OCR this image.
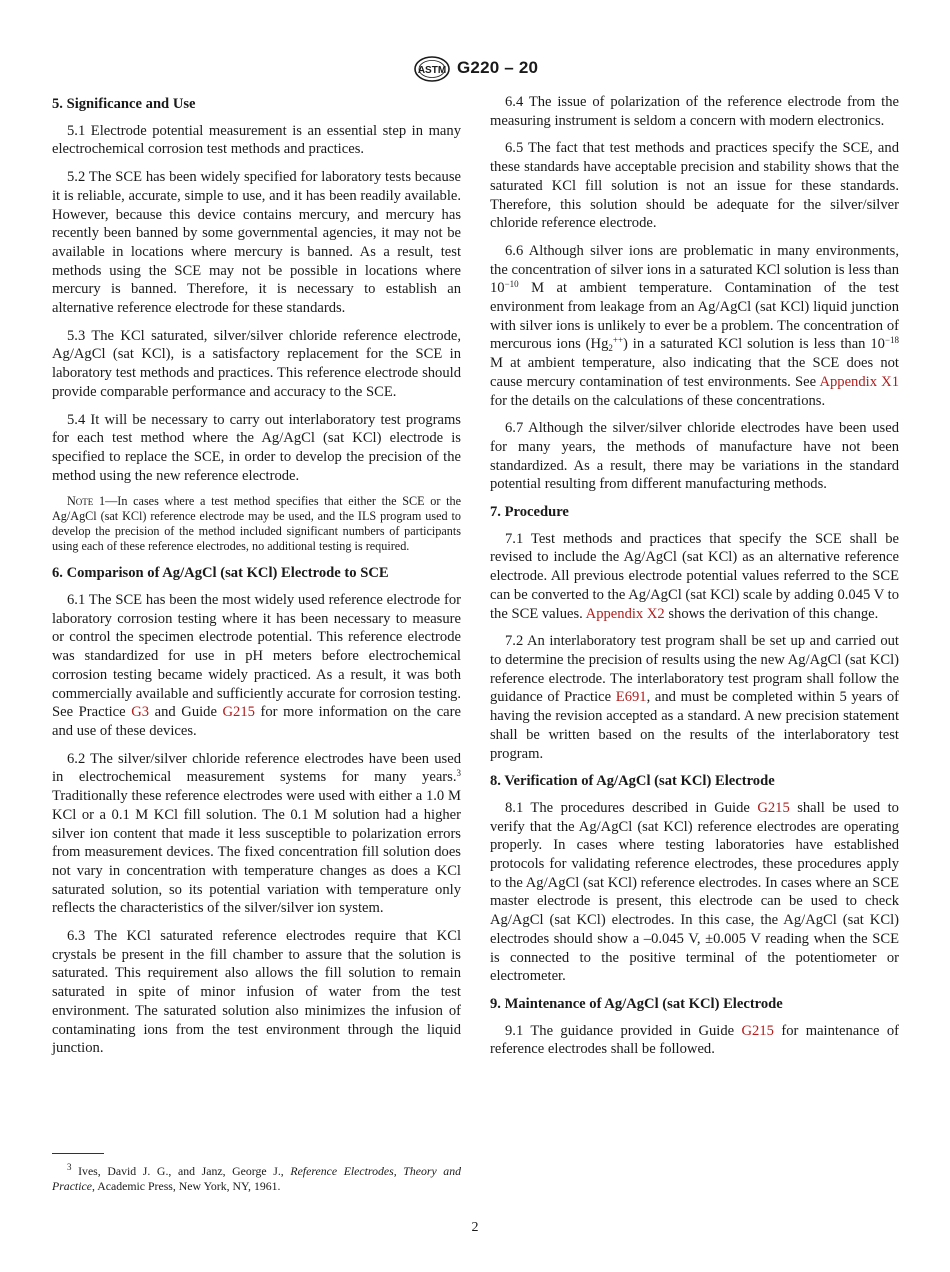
ASTM G220 – 20
5. Significance and Use

5.1 Electrode potential measurement is an essential step in many electrochemical corrosion test methods and practices.

5.2 The SCE has been widely specified for laboratory tests because it is reliable, accurate, simple to use, and it has been readily available. However, because this device contains mercury, and mercury has recently been banned by some governmental agencies, it may not be available in locations where mercury is banned. As a result, test methods using the SCE may not be possible in locations where mercury is banned. Therefore, it is necessary to establish an alternative reference electrode for these standards.

5.3 The KCl saturated, silver/silver chloride reference electrode, Ag/AgCl (sat KCl), is a satisfactory replacement for the SCE in laboratory test methods and practices. This reference electrode should provide comparable performance and accuracy to the SCE.

5.4 It will be necessary to carry out interlaboratory test programs for each test method where the Ag/AgCl (sat KCl) electrode is specified to replace the SCE, in order to develop the precision of the method using the new reference electrode.

Note 1—In cases where a test method specifies that either the SCE or the Ag/AgCl (sat KCl) reference electrode may be used, and the ILS program used to develop the precision of the method included significant numbers of participants using each of these reference electrodes, no additional testing is required.

6. Comparison of Ag/AgCl (sat KCl) Electrode to SCE

6.1 The SCE has been the most widely used reference electrode for laboratory corrosion testing where it has been necessary to measure or control the specimen electrode potential. This reference electrode was standardized for use in pH meters before electrochemical corrosion testing became widely practiced. As a result, it was both commercially available and sufficiently accurate for corrosion testing. See Practice G3 and Guide G215 for more information on the care and use of these devices.

6.2 The silver/silver chloride reference electrodes have been used in electrochemical measurement systems for many years.$^3$ Traditionally these reference electrodes were used with either a 1.0 M KCl or a 0.1 M KCl fill solution. The 0.1 M solution had a higher silver ion content that made it less susceptible to polarization errors from measurement devices. The fixed concentration fill solution does not vary in concentration with temperature changes as does a KCl saturated solution, so its potential variation with temperature only reflects the characteristics of the silver/silver ion system.

6.3 The KCl saturated reference electrodes require that KCl crystals be present in the fill chamber to assure that the solution is saturated. This requirement also allows the fill solution to remain saturated in spite of minor infusion of water from the test environment. The saturated solution also minimizes the infusion of contaminating ions from the test environment through the liquid junction.

6.4 The issue of polarization of the reference electrode from the measuring instrument is seldom a concern with modern electronics.

6.5 The fact that test methods and practices specify the SCE, and these standards have acceptable precision and stability shows that the saturated KCl fill solution is not an issue for these standards. Therefore, this solution should be adequate for the silver/silver chloride reference electrode.

6.6 Although silver ions are problematic in many environments, the concentration of silver ions in a saturated KCl solution is less than $10^{-10}$ M at ambient temperature. Contamination of the test environment from leakage from an Ag/AgCl (sat KCl) liquid junction with silver ions is unlikely to ever be a problem. The concentration of mercurous ions $(Hg_2^{++})$ in a saturated KCl solution is less than $10^{-18}$ M at ambient temperature, also indicating that the SCE does not cause mercury contamination of test environments. See Appendix X1 for the details on the calculations of these concentrations.

6.7 Although the silver/silver chloride electrodes have been used for many years, the methods of manufacture have not been standardized. As a result, there may be variations in the standard potential resulting from different manufacturing methods.

7. Procedure

7.1 Test methods and practices that specify the SCE shall be revised to include the Ag/AgCl (sat KCl) as an alternative reference electrode. All previous electrode potential values referred to the SCE can be converted to the Ag/AgCl (sat KCl) scale by adding 0.045 V to the SCE values. Appendix X2 shows the derivation of this change.

7.2 An interlaboratory test program shall be set up and carried out to determine the precision of results using the new Ag/AgCl (sat KCl) reference electrode. The interlaboratory test program shall follow the guidance of Practice E691, and must be completed within 5 years of having the revision accepted as a standard. A new precision statement shall be written based on the results of the interlaboratory test program.

8. Verification of Ag/AgCl (sat KCl) Electrode

8.1 The procedures described in Guide G215 shall be used to verify that the Ag/AgCl (sat KCl) reference electrodes are operating properly. In cases where testing laboratories have established protocols for validating reference electrodes, these procedures apply to the Ag/AgCl (sat KCl) reference electrodes. In cases where an SCE master electrode is present, this electrode can be used to check Ag/AgCl (sat KCl) electrodes. In this case, the Ag/AgCl (sat KCl) electrodes should show a –0.045 V, ±0.005 V reading when the SCE is connected to the positive terminal of the potentiometer or electrometer.

9. Maintenance of Ag/AgCl (sat KCl) Electrode

9.1 The guidance provided in Guide G215 for maintenance of reference electrodes shall be followed.

$^3$ Ives, David J. G., and Janz, George J., Reference Electrodes, Theory and Practice, Academic Press, New York, NY, 1961.
2
